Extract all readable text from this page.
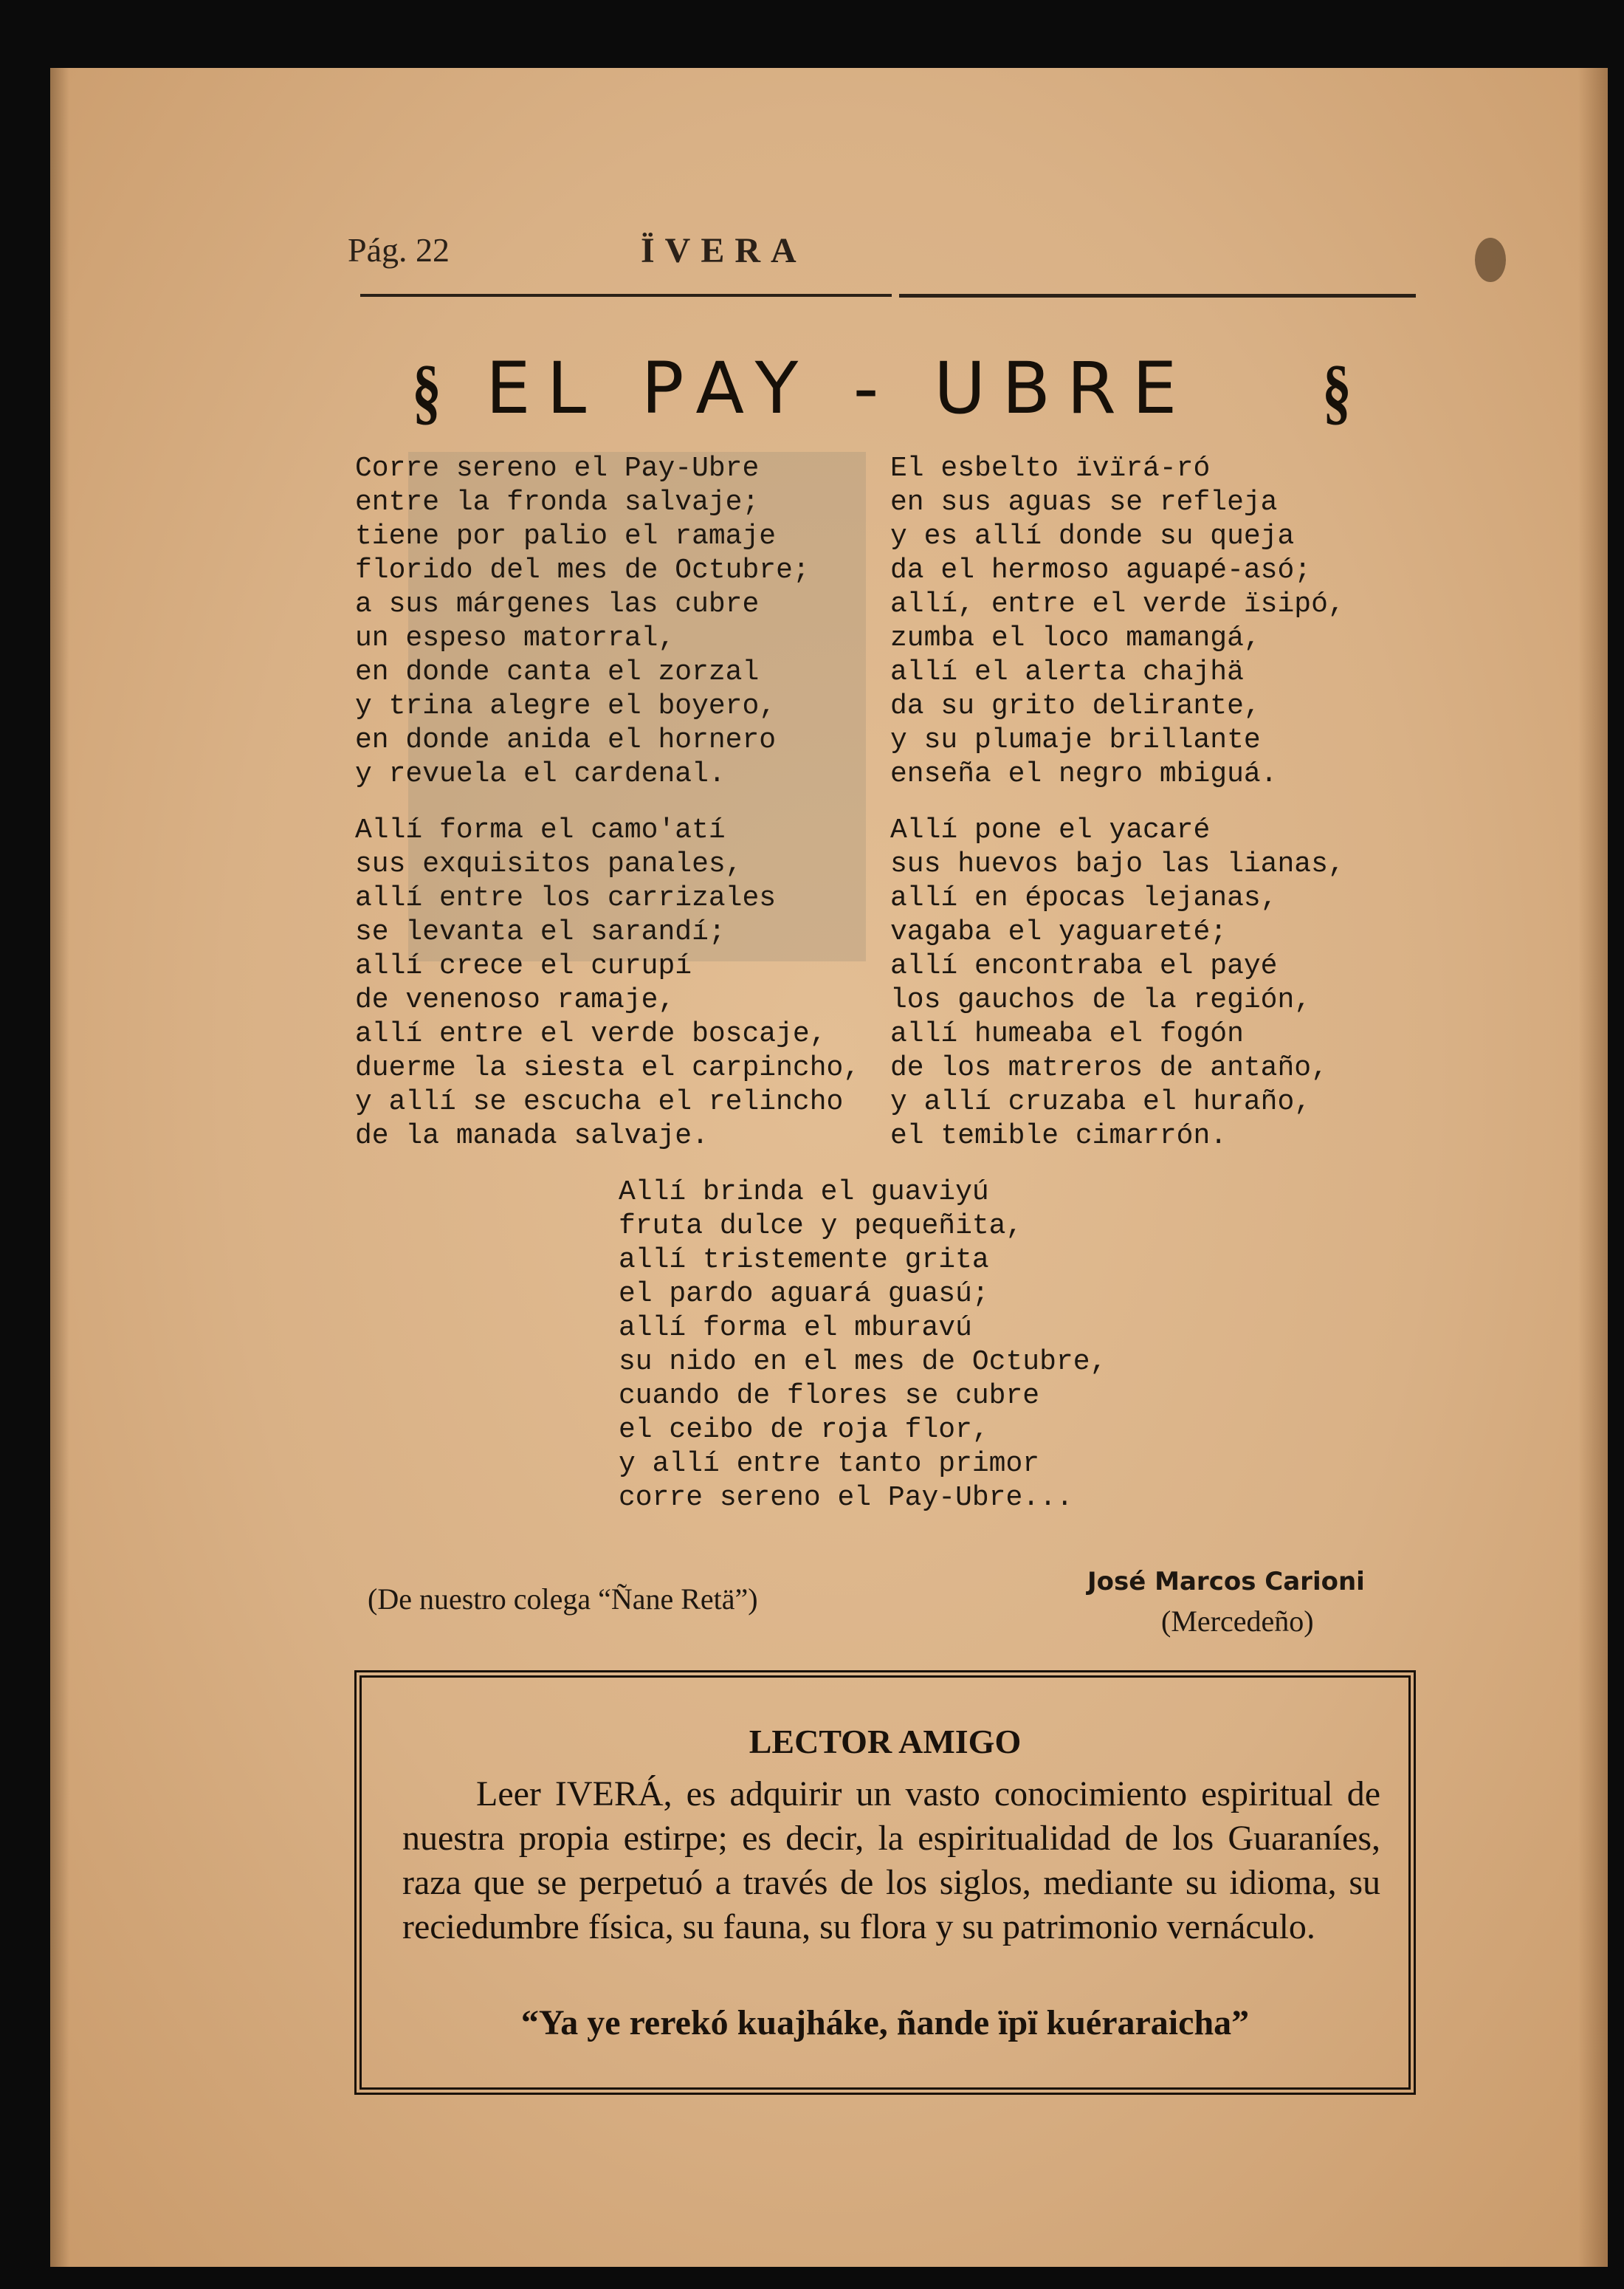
Pág. 22	ÏVERA
§ EL PAY - UBRE §
Corre sereno el Pay-Ubre
entre la fronda salvaje;
tiene por palio el ramaje
florido del mes de Octubre;
a sus márgenes las cubre
un espeso matorral,
en donde canta el zorzal
y trina alegre el boyero,
en donde anida el hornero
y revuela el cardenal.
Allí forma el camo'atí
sus exquisitos panales,
allí entre los carrizales
se levanta el sarandí;
allí crece el curupí
de venenoso ramaje,
allí entre el verde boscaje,
duerme la siesta el carpincho,
y allí se escucha el relincho
de la manada salvaje.
El esbelto ïvïrá-ró
en sus aguas se refleja
y es allí donde su queja
da el hermoso aguapé-asó;
allí, entre el verde ïsipó,
zumba el loco mamangá,
allí el alerta chajhä
da su grito delirante,
y su plumaje brillante
enseña el negro mbiguá.
Allí pone el yacaré
sus huevos bajo las lianas,
allí en épocas lejanas,
vagaba el yaguareté;
allí encontraba el payé
los gauchos de la región,
allí humeaba el fogón
de los matreros de antaño,
y allí cruzaba el huraño,
el temible cimarrón.
Allí brinda el guaviyú
fruta dulce y pequeñita,
allí tristemente grita
el pardo aguará guasú;
allí forma el mburavú
su nido en el mes de Octubre,
cuando de flores se cubre
el ceibo de roja flor,
y allí entre tanto primor
corre sereno el Pay-Ubre...
(De nuestro colega “Ñane Retä”)
José Marcos Carioni
(Mercedeño)
LECTOR AMIGO
Leer IVERÁ, es adquirir un vasto conocimiento espiritual de nuestra propia estirpe; es decir, la espiritualidad de los Guaraníes, raza que se perpetuó a través de los siglos, mediante su idioma, su reciedumbre física, su fauna, su flora y su patrimonio vernáculo.
“Ya ye rerekó kuajháke, ñande ïpï kuéraraicha”
